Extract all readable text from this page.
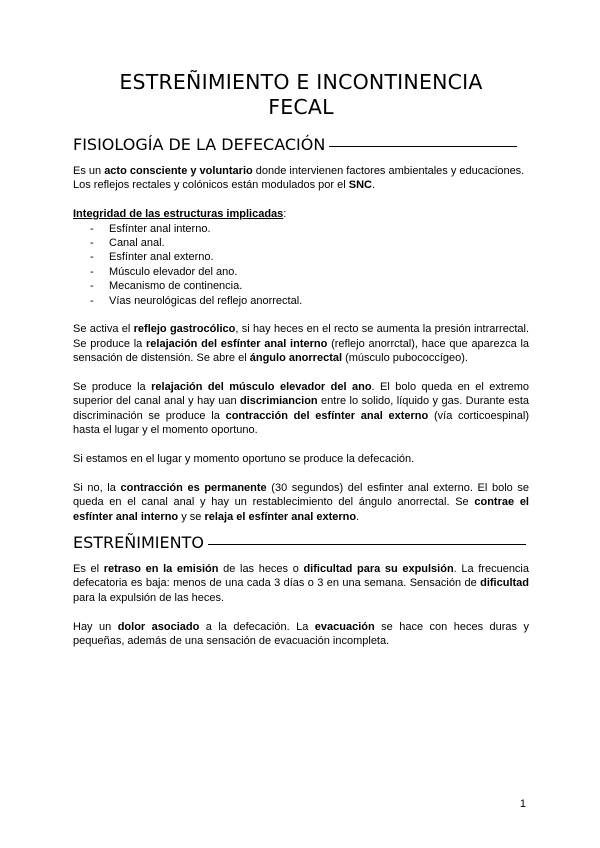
ESTREÑIMIENTO E INCONTINENCIA
FECAL
FISIOLOGÍA DE LA DEFECACIÓN

Es un acto consciente y voluntario donde intervienen factores ambientales y educaciones. Los reflejos rectales y colónicos están modulados por el SNC.

Integridad de las estructuras implicadas:

- Esfínter anal interno.
- Canal anal.
- Esfínter anal externo.
- Músculo elevador del ano.
- Mecanismo de continencia.
- Vías neurológicas del reflejo anorrectal.

Se activa el reflejo gastrocólico, si hay heces en el recto se aumenta la presión intrarrectal. Se produce la relajación del esfínter anal interno (reflejo anorrctal), hace que aparezca la sensación de distensión. Se abre el ángulo anorrectal (músculo pubococcígeo).

Se produce la relajación del músculo elevador del ano. El bolo queda en el extremo superior del canal anal y hay uan discrimiancion entre lo solido, líquido y gas. Durante esta discriminación se produce la contracción del esfínter anal externo (vía corticoespinal) hasta el lugar y el momento oportuno.

Si estamos en el lugar y momento oportuno se produce la defecación.

Si no, la contracción es permanente (30 segundos) del esfinter anal externo. El bolo se queda en el canal anal y hay un restablecimiento del ángulo anorrectal. Se contrae el esfínter anal interno y se relaja el esfínter anal externo.

ESTREÑIMIENTO

Es el retraso en la emisión de las heces o dificultad para su expulsión. La frecuencia defecatoria es baja: menos de una cada 3 días o 3 en una semana. Sensación de dificultad para la expulsión de las heces.

Hay un dolor asociado a la defecación. La evacuación se hace con heces duras y pequeñas, además de una sensación de evacuación incompleta.

1
